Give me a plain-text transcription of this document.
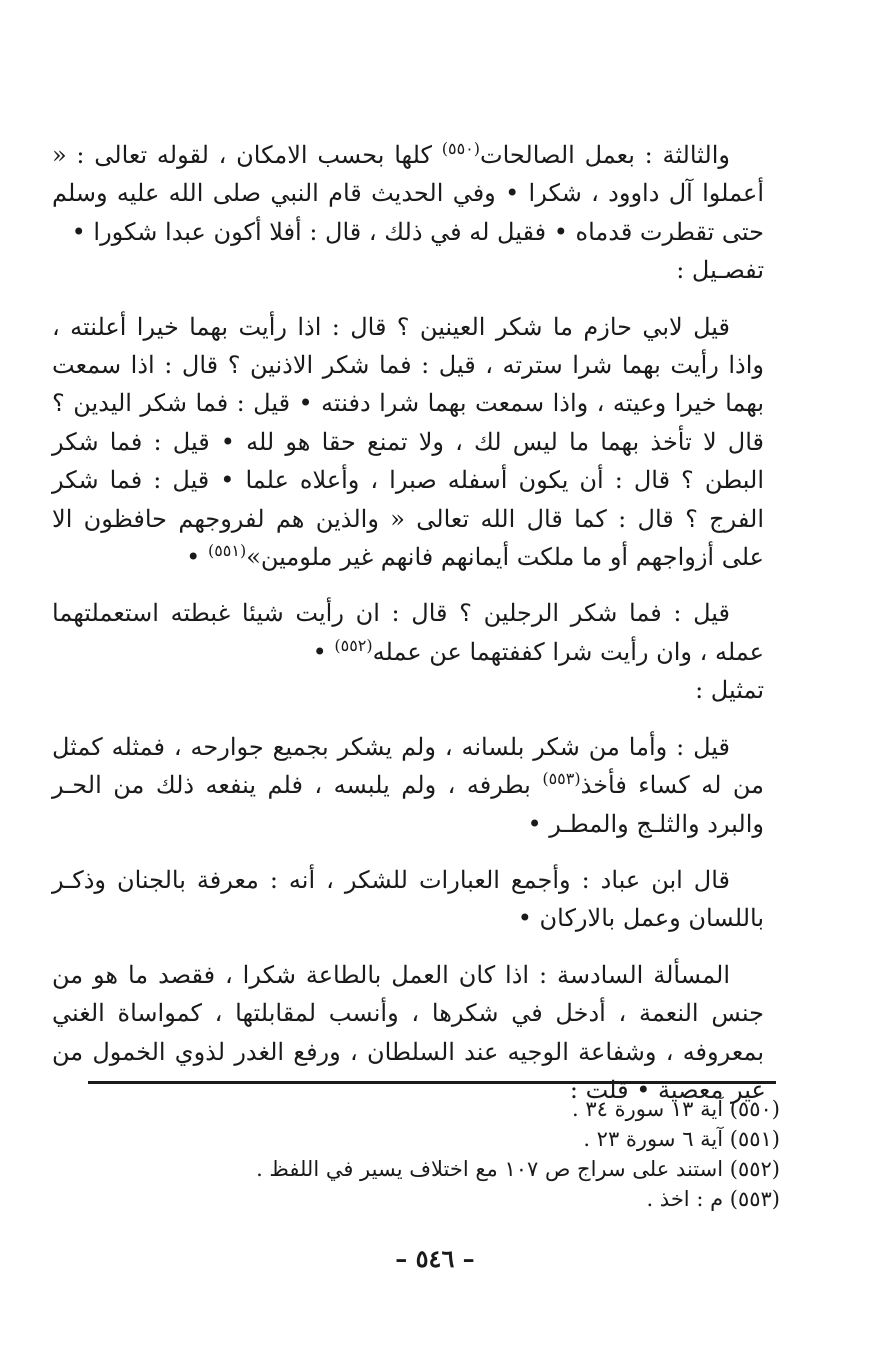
والثالثة : بعمل الصالحات$^{(٥٥٠)}$ كلها بحسب الامكان ، لقوله تعالى : « أعملوا آل داوود ، شكرا • وفي الحديث قام النبي صلى الله عليه وسلم حتى تقطرت قدماه • فقيل له في ذلك ، قال : أفلا أكون عبدا شكورا •

تفصـيل :

قيل لابي حازم ما شكر العينين ؟ قال : اذا رأيت بهما خيرا أعلنته ، واذا رأيت بهما شرا سترته ، قيل : فما شكر الاذنين ؟ قال : اذا سمعت بهما خيرا وعيته ، واذا سمعت بهما شرا دفنته • قيل : فما شكر اليدين ؟ قال لا تأخذ بهما ما ليس لك ، ولا تمنع حقا هو لله • قيل : فما شكر البطن ؟ قال : أن يكون أسفله صبرا ، وأعلاه علما • قيل : فما شكر الفرج ؟ قال : كما قال الله تعالى « والذين هم لفروجهم حافظون الا على أزواجهم أو ما ملكت أيمانهم فانهم غير ملومين»$^{(٥٥١)}$ •

قيل : فما شكر الرجلين ؟ قال : ان رأيت شيئا غبطته استعملتهما عمله ، وان رأيت شرا كففتهما عن عمله$^{(٥٥٢)}$ •

تمثيل :

قيل : وأما من شكر بلسانه ، ولم يشكر بجميع جوارحه ، فمثله كمثل من له كساء فأخذ$^{(٥٥٣)}$ بطرفه ، ولم يلبسه ، فلم ينفعه ذلك من الحـر والبرد والثلـج والمطـر •

قال ابن عباد : وأجمع العبارات للشكر ، أنه : معرفة بالجنان وذكـر باللسان وعمل بالاركان •

المسألة السادسة : اذا كان العمل بالطاعة شكرا ، فقصد ما هو من جنس النعمة ، أدخل في شكرها ، وأنسب لمقابلتها ، كمواساة الغني بمعروفه ، وشفاعة الوجيه عند السلطان ، ورفع الغدر لذوي الخمول من غير معصية • قلت :

(٥٥٠) آية ١٣ سورة ٣٤ .

(٥٥١) آية ٦ سورة ٢٣ .

(٥٥٢) استند على سراج ص ١٠٧ مع اختلاف يسير في اللفظ .

(٥٥٣) م : اخذ .

– ٥٤٦ –
